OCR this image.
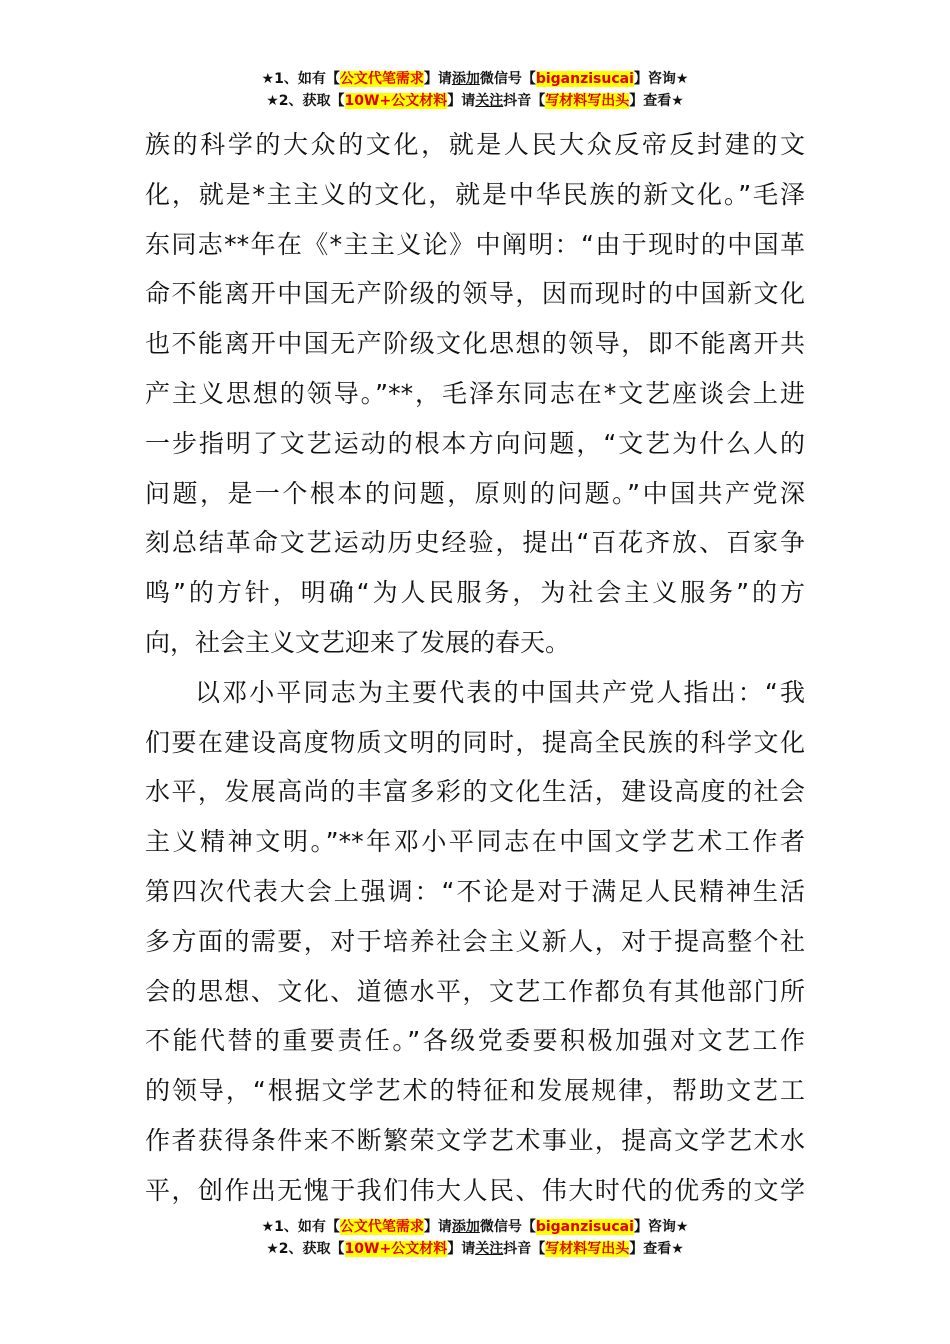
★1、如有【公文代笔需求】请添加微信号【biganzisucai】咨询★
★2、获取【10W+公文材料】请关注抖音【写材料写出头】查看★
族的科学的大众的文化，就是人民大众反帝反封建的文
化，就是*主主义的文化，就是中华民族的新文化。”毛泽
东同志**年在《*主主义论》中阐明：“由于现时的中国革
命不能离开中国无产阶级的领导，因而现时的中国新文化
也不能离开中国无产阶级文化思想的领导，即不能离开共
产主义思想的领导。”**，毛泽东同志在*文艺座谈会上进
一步指明了文艺运动的根本方向问题，“文艺为什么人的
问题，是一个根本的问题，原则的问题。”中国共产党深
刻总结革命文艺运动历史经验，提出“百花齐放、百家争
鸣”的方针，明确“为人民服务，为社会主义服务”的方
向，社会主义文艺迎来了发展的春天。
以邓小平同志为主要代表的中国共产党人指出：“我
们要在建设高度物质文明的同时，提高全民族的科学文化
水平，发展高尚的丰富多彩的文化生活，建设高度的社会
主义精神文明。”**年邓小平同志在中国文学艺术工作者
第四次代表大会上强调：“不论是对于满足人民精神生活
多方面的需要，对于培养社会主义新人，对于提高整个社
会的思想、文化、道德水平，文艺工作都负有其他部门所
不能代替的重要责任。”各级党委要积极加强对文艺工作
的领导，“根据文学艺术的特征和发展规律，帮助文艺工
作者获得条件来不断繁荣文学艺术事业，提高文学艺术水
平，创作出无愧于我们伟大人民、伟大时代的优秀的文学
★1、如有【公文代笔需求】请添加微信号【biganzisucai】咨询★
★2、获取【10W+公文材料】请关注抖音【写材料写出头】查看★
